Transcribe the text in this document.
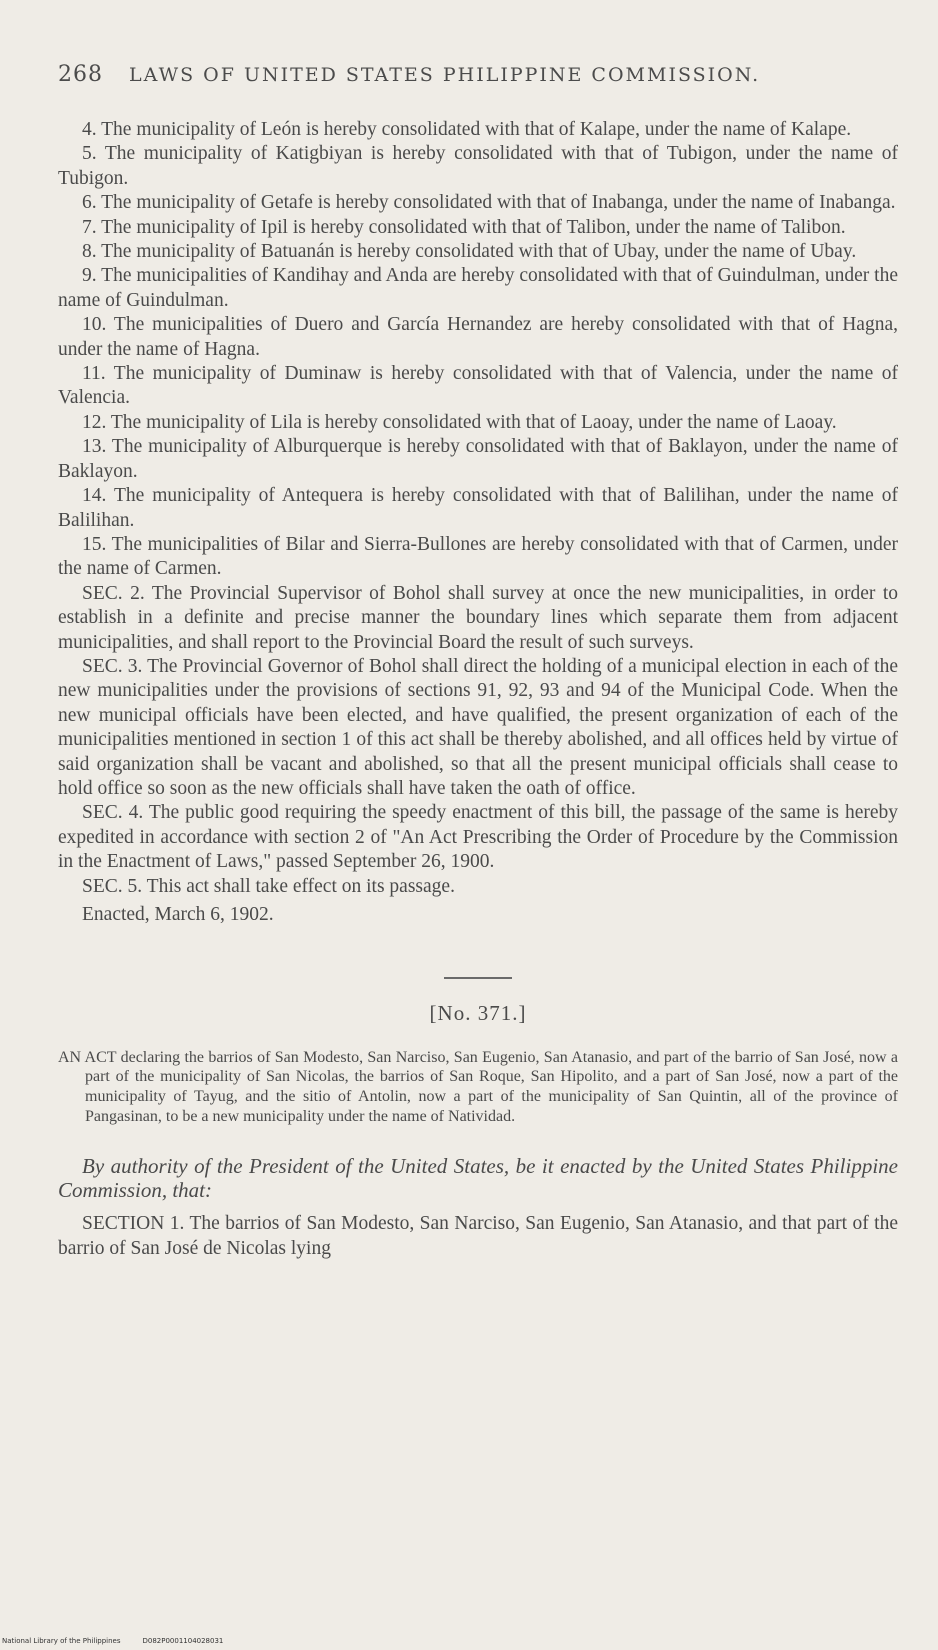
268 LAWS OF UNITED STATES PHILIPPINE COMMISSION.

4. The municipality of León is hereby consolidated with that of Kalape, under the name of Kalape.

5. The municipality of Katigbiyan is hereby consolidated with that of Tubigon, under the name of Tubigon.

6. The municipality of Getafe is hereby consolidated with that of Inabanga, under the name of Inabanga.

7. The municipality of Ipil is hereby consolidated with that of Talibon, under the name of Talibon.

8. The municipality of Batuanán is hereby consolidated with that of Ubay, under the name of Ubay.

9. The municipalities of Kandihay and Anda are hereby consolidated with that of Guindulman, under the name of Guindulman.

10. The municipalities of Duero and García Hernandez are hereby consolidated with that of Hagna, under the name of Hagna.

11. The municipality of Duminaw is hereby consolidated with that of Valencia, under the name of Valencia.

12. The municipality of Lila is hereby consolidated with that of Laoay, under the name of Laoay.

13. The municipality of Alburquerque is hereby consolidated with that of Baklayon, under the name of Baklayon.

14. The municipality of Antequera is hereby consolidated with that of Balilihan, under the name of Balilihan.

15. The municipalities of Bilar and Sierra-Bullones are hereby consolidated with that of Carmen, under the name of Carmen.

SEC. 2. The Provincial Supervisor of Bohol shall survey at once the new municipalities, in order to establish in a definite and precise manner the boundary lines which separate them from adjacent municipalities, and shall report to the Provincial Board the result of such surveys.

SEC. 3. The Provincial Governor of Bohol shall direct the holding of a municipal election in each of the new municipalities under the provisions of sections 91, 92, 93 and 94 of the Municipal Code. When the new municipal officials have been elected, and have qualified, the present organization of each of the municipalities mentioned in section 1 of this act shall be thereby abolished, and all offices held by virtue of said organization shall be vacant and abolished, so that all the present municipal officials shall cease to hold office so soon as the new officials shall have taken the oath of office.

SEC. 4. The public good requiring the speedy enactment of this bill, the passage of the same is hereby expedited in accordance with section 2 of "An Act Prescribing the Order of Procedure by the Commission in the Enactment of Laws," passed September 26, 1900.

SEC. 5. This act shall take effect on its passage.

Enacted, March 6, 1902.

[No. 371.]
AN ACT declaring the barrios of San Modesto, San Narciso, San Eugenio, San Atanasio, and part of the barrio of San José, now a part of the municipality of San Nicolas, the barrios of San Roque, San Hipolito, and a part of San José, now a part of the municipality of Tayug, and the sitio of Antolin, now a part of the municipality of San Quintin, all of the province of Pangasinan, to be a new municipality under the name of Natividad.
By authority of the President of the United States, be it enacted by the United States Philippine Commission, that:
SECTION 1. The barrios of San Modesto, San Narciso, San Eugenio, San Atanasio, and that part of the barrio of San José de Nicolas lying
National Library of the Philippines	D082P0001104028031
